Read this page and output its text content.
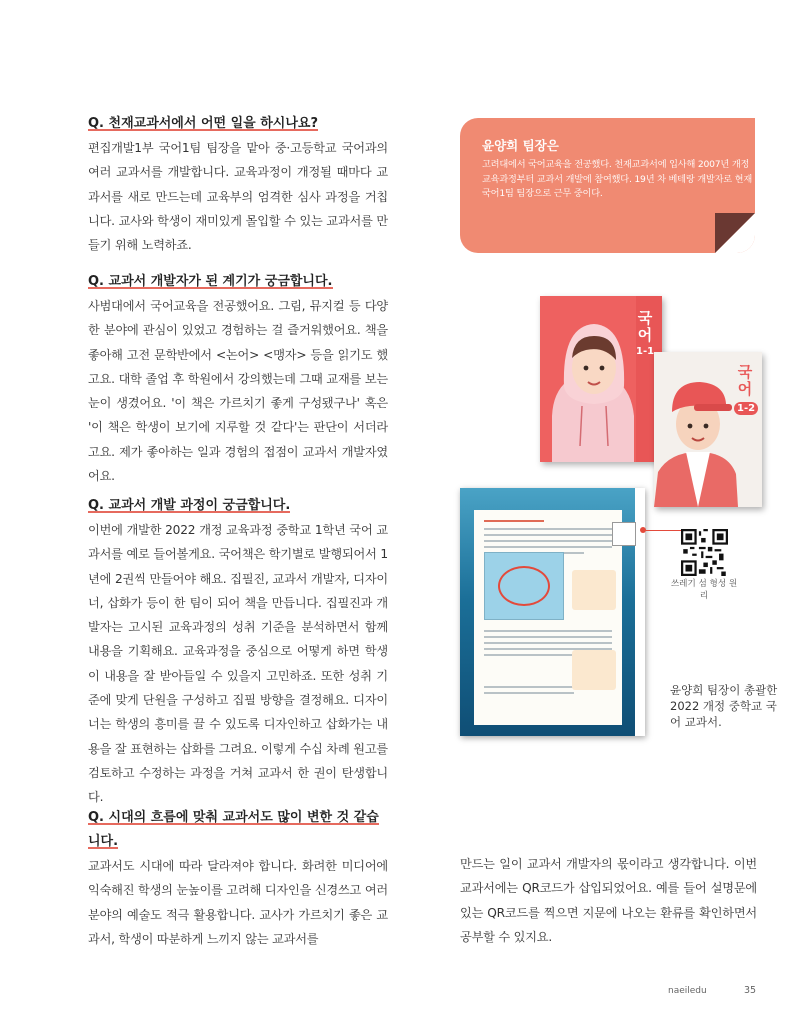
Q. 천재교과서에서 어떤 일을 하시나요?

편집개발1부 국어1팀 팀장을 맡아 중·고등학교 국어과의 여러 교과서를 개발합니다. 교육과정이 개정될 때마다 교과서를 새로 만드는데 교육부의 엄격한 심사 과정을 거칩니다. 교사와 학생이 재미있게 몰입할 수 있는 교과서를 만들기 위해 노력하죠.

Q. 교과서 개발자가 된 계기가 궁금합니다.

사범대에서 국어교육을 전공했어요. 그림, 뮤지컬 등 다양한 분야에 관심이 있었고 경험하는 걸 즐거워했어요. 책을 좋아해 고전 문학반에서 <논어> <맹자> 등을 읽기도 했고요. 대학 졸업 후 학원에서 강의했는데 그때 교재를 보는 눈이 생겼어요. '이 책은 가르치기 좋게 구성됐구나' 혹은 '이 책은 학생이 보기에 지루할 것 같다'는 판단이 서더라고요. 제가 좋아하는 일과 경험의 접점이 교과서 개발자였어요.

Q. 교과서 개발 과정이 궁금합니다.

이번에 개발한 2022 개정 교육과정 중학교 1학년 국어 교과서를 예로 들어볼게요. 국어책은 학기별로 발행되어서 1년에 2권씩 만들어야 해요. 집필진, 교과서 개발자, 디자이너, 삽화가 등이 한 팀이 되어 책을 만듭니다. 집필진과 개발자는 고시된 교육과정의 성취 기준을 분석하면서 함께 내용을 기획해요. 교육과정을 중심으로 어떻게 하면 학생이 내용을 잘 받아들일 수 있을지 고민하죠. 또한 성취 기준에 맞게 단원을 구성하고 집필 방향을 결정해요. 디자이너는 학생의 흥미를 끌 수 있도록 디자인하고 삽화가는 내용을 잘 표현하는 삽화를 그려요. 이렇게 수십 차례 원고를 검토하고 수정하는 과정을 거쳐 교과서 한 권이 탄생합니다.

Q. 시대의 흐름에 맞춰 교과서도 많이 변한 것 같습니다.

교과서도 시대에 따라 달라져야 합니다. 화려한 미디어에 익숙해진 학생의 눈높이를 고려해 디자인을 신경쓰고 여러 분야의 예술도 적극 활용합니다. 교사가 가르치기 좋은 교과서, 학생이 따분하게 느끼지 않는 교과서를

윤양희 팀장은
고려대에서 국어교육을 전공했다. 천재교과서에 입사해 2007년 개정 교육과정부터 교과서 개발에 참여했다. 19년 차 베테랑 개발자로 현재 국어1팀 팀장으로 근무 중이다.
국어
1-1
국어
1-2
쓰레기 섬 형성 원리
윤양희 팀장이 총괄한 2022 개정 중학교 국어 교과서.

만드는 일이 교과서 개발자의 몫이라고 생각합니다. 이번 교과서에는 QR코드가 삽입되었어요. 예를 들어 설명문에 있는 QR코드를 찍으면 지문에 나오는 환류를 확인하면서 공부할 수 있지요.

naeiledu	35
